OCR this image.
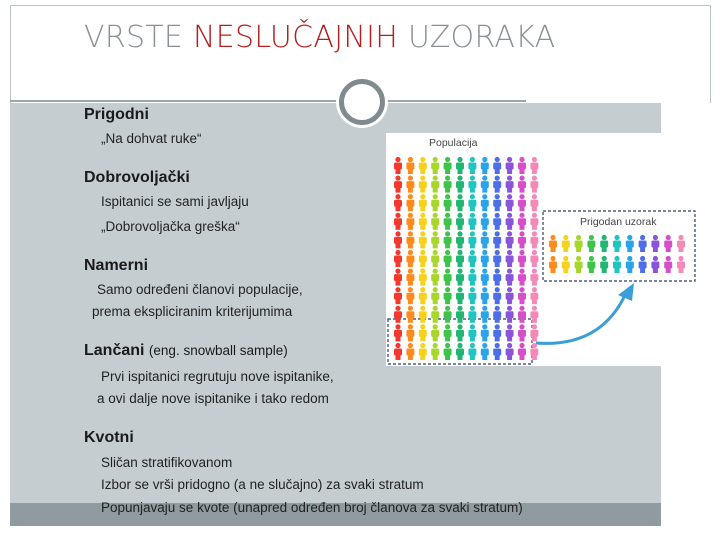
VRSTE NESLUČAJNIH UZORAKA
Prigodni
„Na dohvat ruke“
Dobrovoljački
Ispitanici se sami javljaju
„Dobrovoljačka greška“
Namerni
Samo određeni članovi populacije,
prema ekspliciranim kriterijumima
Lančani (eng. snowball sample)
Prvi ispitanici regrutuju nove ispitanike,
a ovi dalje nove ispitanike i tako redom
Kvotni
Sličan stratifikovanom
Izbor se vrši pridogno (a ne slučajno) za svaki stratum
Popunjavaju se kvote (unapred određen broj članova za svaki stratum)
Populacija
Prigodan uzorak
